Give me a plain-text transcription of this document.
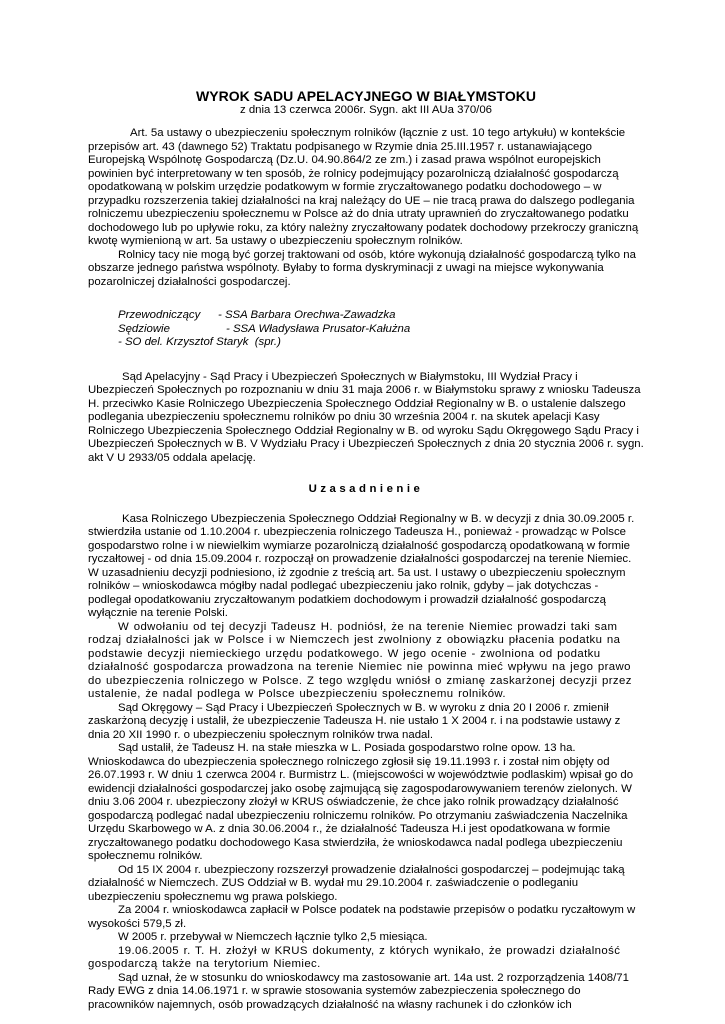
WYROK SADU APELACYJNEGO W BIAŁYMSTOKU

z dnia 13 czerwca 2006r. Sygn. akt III AUa 370/06

Art. 5a ustawy o ubezpieczeniu społecznym rolników (łącznie z ust. 10 tego artykułu) w kontekście przepisów art. 43 (dawnego 52) Traktatu podpisanego w Rzymie dnia 25.III.1957 r. ustanawiającego Europejską Wspólnotę Gospodarczą (Dz.U. 04.90.864/2 ze zm.) i zasad prawa wspólnot europejskich powinien być interpretowany w ten sposób, że rolnicy podejmujący pozarolniczą działalność gospodarczą opodatkowaną w polskim urzędzie podatkowym w formie zryczałtowanego podatku dochodowego – w przypadku rozszerzenia takiej działalności na kraj należący do UE – nie tracą prawa do dalszego podlegania rolniczemu ubezpieczeniu społecznemu w Polsce aż do dnia utraty uprawnień do zryczałtowanego podatku dochodowego lub po upływie roku, za który należny zryczałtowany podatek dochodowy przekroczy graniczną kwotę wymienioną w art. 5a ustawy o ubezpieczeniu społecznym rolników.

Rolnicy tacy nie mogą być gorzej traktowani od osób, które wykonują działalność gospodarczą tylko na obszarze jednego państwa wspólnoty. Byłaby to forma dyskryminacji z uwagi na miejsce wykonywania pozarolniczej działalności gospodarczej.

Przewodniczący - SSA Barbara Orechwa-Zawadzka
Sędziowie	- SSA Władysława Prusator-Kałużna
- SO del. Krzysztof Staryk  (spr.)

Sąd Apelacyjny - Sąd Pracy i Ubezpieczeń Społecznych w Białymstoku, III Wydział Pracy i Ubezpieczeń Społecznych po rozpoznaniu w dniu 31 maja 2006 r. w Białymstoku sprawy z wniosku Tadeusza H. przeciwko Kasie Rolniczego Ubezpieczenia Społecznego Oddział Regionalny w B. o ustalenie dalszego podlegania ubezpieczeniu społecznemu rolników po dniu 30 września 2004 r. na skutek apelacji Kasy Rolniczego Ubezpieczenia Społecznego Oddział Regionalny w B. od wyroku Sądu Okręgowego Sądu Pracy i Ubezpieczeń Społecznych w B. V Wydziału Pracy i Ubezpieczeń Społecznych z dnia 20 stycznia 2006 r. sygn. akt V U 2933/05 oddala apelację.

Uzasadnienie

Kasa Rolniczego Ubezpieczenia Społecznego Oddział Regionalny w B. w decyzji z dnia 30.09.2005 r. stwierdziła ustanie od 1.10.2004 r. ubezpieczenia rolniczego Tadeusza H., ponieważ - prowadząc w Polsce gospodarstwo rolne i w niewielkim wymiarze pozarolniczą działalność gospodarczą opodatkowaną w formie ryczałtowej - od dnia 15.09.2004 r. rozpoczął on prowadzenie działalności gospodarczej na terenie Niemiec. W uzasadnieniu decyzji podniesiono, iż zgodnie z treścią art. 5a ust. I ustawy o ubezpieczeniu społecznym rolników – wnioskodawca mógłby nadal podlegać ubezpieczeniu jako rolnik, gdyby – jak dotychczas - podlegał opodatkowaniu zryczałtowanym podatkiem dochodowym i prowadził działalność gospodarczą wyłącznie na terenie Polski.

W odwołaniu od tej decyzji Tadeusz H. podniósł, że na terenie Niemiec prowadzi taki sam rodzaj działalności jak w Polsce i w Niemczech jest zwolniony z obowiązku płacenia podatku na podstawie decyzji niemieckiego urzędu podatkowego. W jego ocenie - zwolniona od podatku działalność gospodarcza prowadzona na terenie Niemiec nie powinna mieć wpływu na jego prawo do ubezpieczenia rolniczego w Polsce. Z tego względu wniósł o zmianę zaskarżonej decyzji przez ustalenie, że nadal podlega w Polsce ubezpieczeniu społecznemu rolników.

Sąd Okręgowy – Sąd Pracy i Ubezpieczeń Społecznych w B. w wyroku z dnia 20 I 2006 r. zmienił zaskarżoną decyzję i ustalił, że ubezpieczenie Tadeusza H. nie ustało 1 X 2004 r. i na podstawie ustawy z dnia 20 XII 1990 r. o ubezpieczeniu społecznym rolników trwa nadal.

Sąd ustalił, że Tadeusz H. na stałe mieszka w L. Posiada gospodarstwo rolne opow. 13 ha. Wnioskodawca do ubezpieczenia społecznego rolniczego zgłosił się 19.11.1993 r. i został nim objęty od 26.07.1993 r. W dniu 1 czerwca 2004 r. Burmistrz L. (miejscowości w województwie podlaskim) wpisał go do ewidencji działalności gospodarczej jako osobę zajmującą się zagospodarowywaniem terenów zielonych. W dniu 3.06 2004 r. ubezpieczony złożył w KRUS oświadczenie, że chce jako rolnik prowadzący działalność gospodarczą podlegać nadal ubezpieczeniu rolniczemu rolników. Po otrzymaniu zaświadczenia Naczelnika Urzędu Skarbowego w A. z dnia 30.06.2004 r., że działalność Tadeusza H.i jest opodatkowana w formie zryczałtowanego podatku dochodowego Kasa stwierdziła, że wnioskodawca nadal podlega ubezpieczeniu społecznemu rolników.

Od 15 IX 2004 r. ubezpieczony rozszerzył prowadzenie działalności gospodarczej – podejmując taką działalność w Niemczech. ZUS Oddział w B. wydał mu 29.10.2004 r. zaświadczenie o podleganiu ubezpieczeniu społecznemu wg prawa polskiego.

Za 2004 r. wnioskodawca zapłacił w Polsce podatek na podstawie przepisów o podatku ryczałtowym w wysokości 579,5 zł.

W 2005 r. przebywał w Niemczech łącznie tylko 2,5 miesiąca.

19.06.2005 r. T. H. złożył w KRUS dokumenty, z których wynikało, że prowadzi działalność gospodarczą także na terytorium Niemiec.

Sąd uznał, że w stosunku do wnioskodawcy ma zastosowanie art. 14a ust. 2 rozporządzenia 1408/71 Rady EWG z dnia 14.06.1971 r. w sprawie stosowania systemów zabezpieczenia społecznego do pracowników najemnych, osób prowadzących działalność na własny rachunek i do członków ich
